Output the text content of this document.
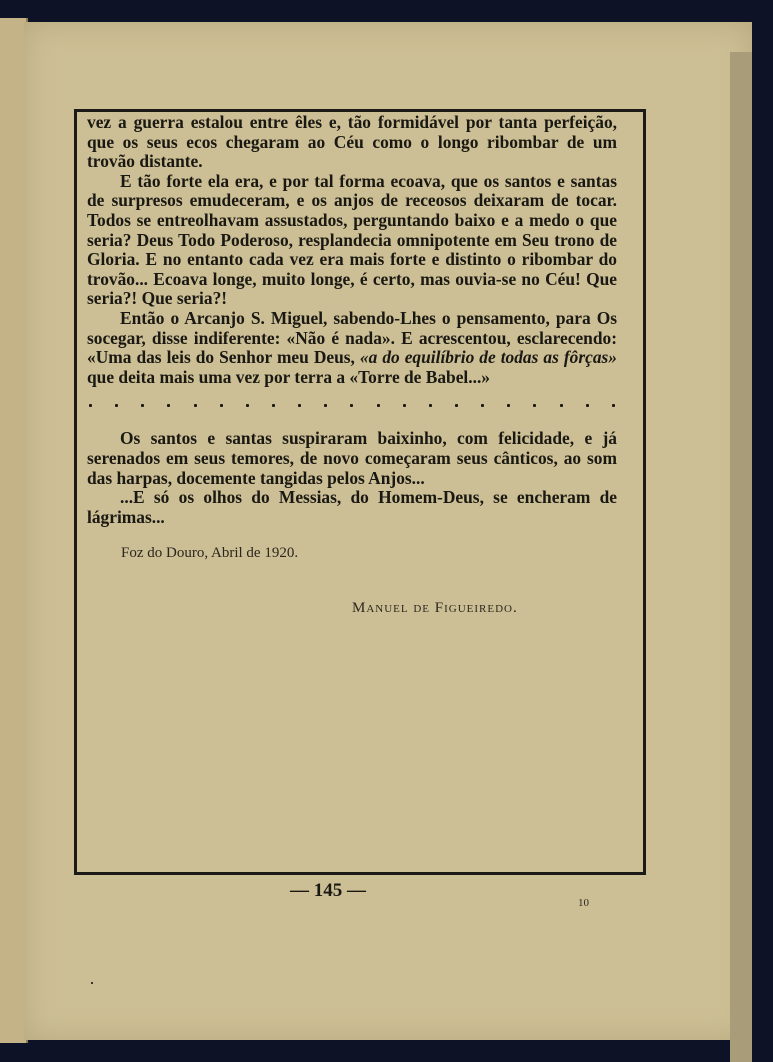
vez a guerra estalou entre êles e, tão formidável por tanta perfeição, que os seus ecos chegaram ao Céu como o longo ribombar de um trovão distante.

E tão forte ela era, e por tal forma ecoava, que os santos e santas de surpresos emudeceram, e os anjos de receosos deixaram de tocar. Todos se entreolhavam assustados, perguntando baixo e a medo o que seria? Deus Todo Poderoso, resplandecia omnipotente em Seu trono de Gloria. E no entanto cada vez era mais forte e distinto o ribombar do trovão... Ecoava longe, muito longe, é certo, mas ouvia-se no Céu! Que seria?! Que seria?!

Então o Arcanjo S. Miguel, sabendo-Lhes o pensamento, para Os socegar, disse indiferente: «Não é nada». E acrescentou, esclarecendo: «Uma das leis do Senhor meu Deus, «a do equilíbrio de todas as fôrças» que deita mais uma vez por terra a «Torre de Babel...»

Os santos e santas suspiraram baixinho, com felicidade, e já serenados em seus temores, de novo começaram seus cânticos, ao som das harpas, docemente tangidas pelos Anjos...

...E só os olhos do Messias, do Homem-Deus, se encheram de lágrimas...

Foz do Douro, Abril de 1920.
Manuel de Figueiredo.
— 145 —
10
